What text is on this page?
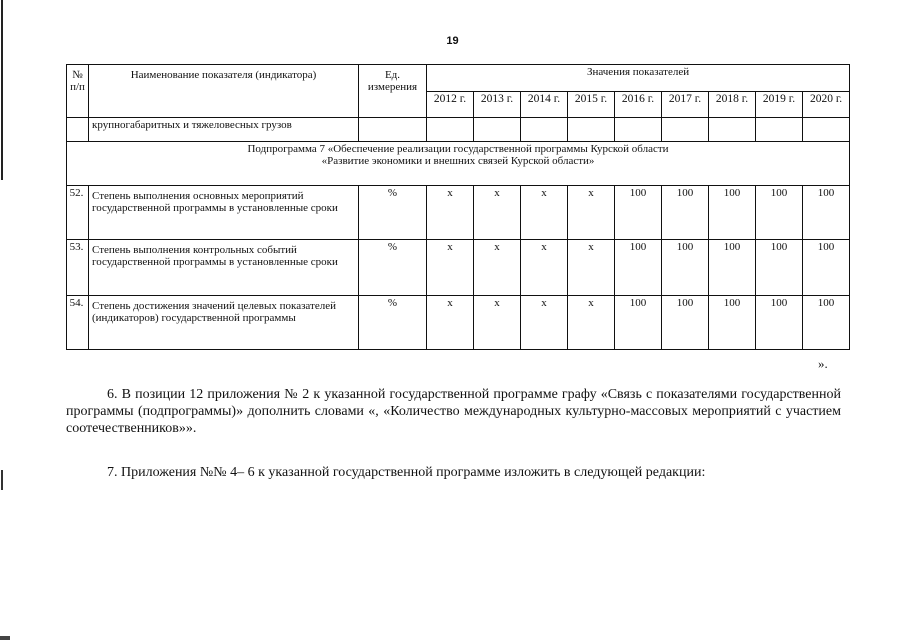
19
№ п/п	Наименование показателя (индикатора)	Ед. измерения	Значения показателей								
			2012 г.	2013 г.	2014 г.	2015 г.	2016 г.	2017 г.	2018 г.	2019 г.	2020 г.
	крупногабаритных и тяжеловесных грузов										

Подпрограмма 7 «Обеспечение реализации государственной программы Курской области
«Развитие экономики и внешних связей Курской области»											

52.	Степень выполнения основных мероприятий государственной программы в установленные сроки	%	х	х	х	х	100	100	100	100	100
53.	Степень выполнения контрольных событий государственной программы в установленные сроки	%	х	х	х	х	100	100	100	100	100
54.	Степень достижения значений целевых показателей (индикаторов) государственной программы	%	х	х	х	х	100	100	100	100	100
».
6. В позиции 12 приложения № 2 к указанной государственной программе графу «Связь с показателями государственной программы (подпрограммы)» дополнить словами «, «Количество международных культурно-массовых мероприятий с участием соотечественников»».
7. Приложения №№ 4– 6 к указанной государственной программе изложить в следующей редакции:
